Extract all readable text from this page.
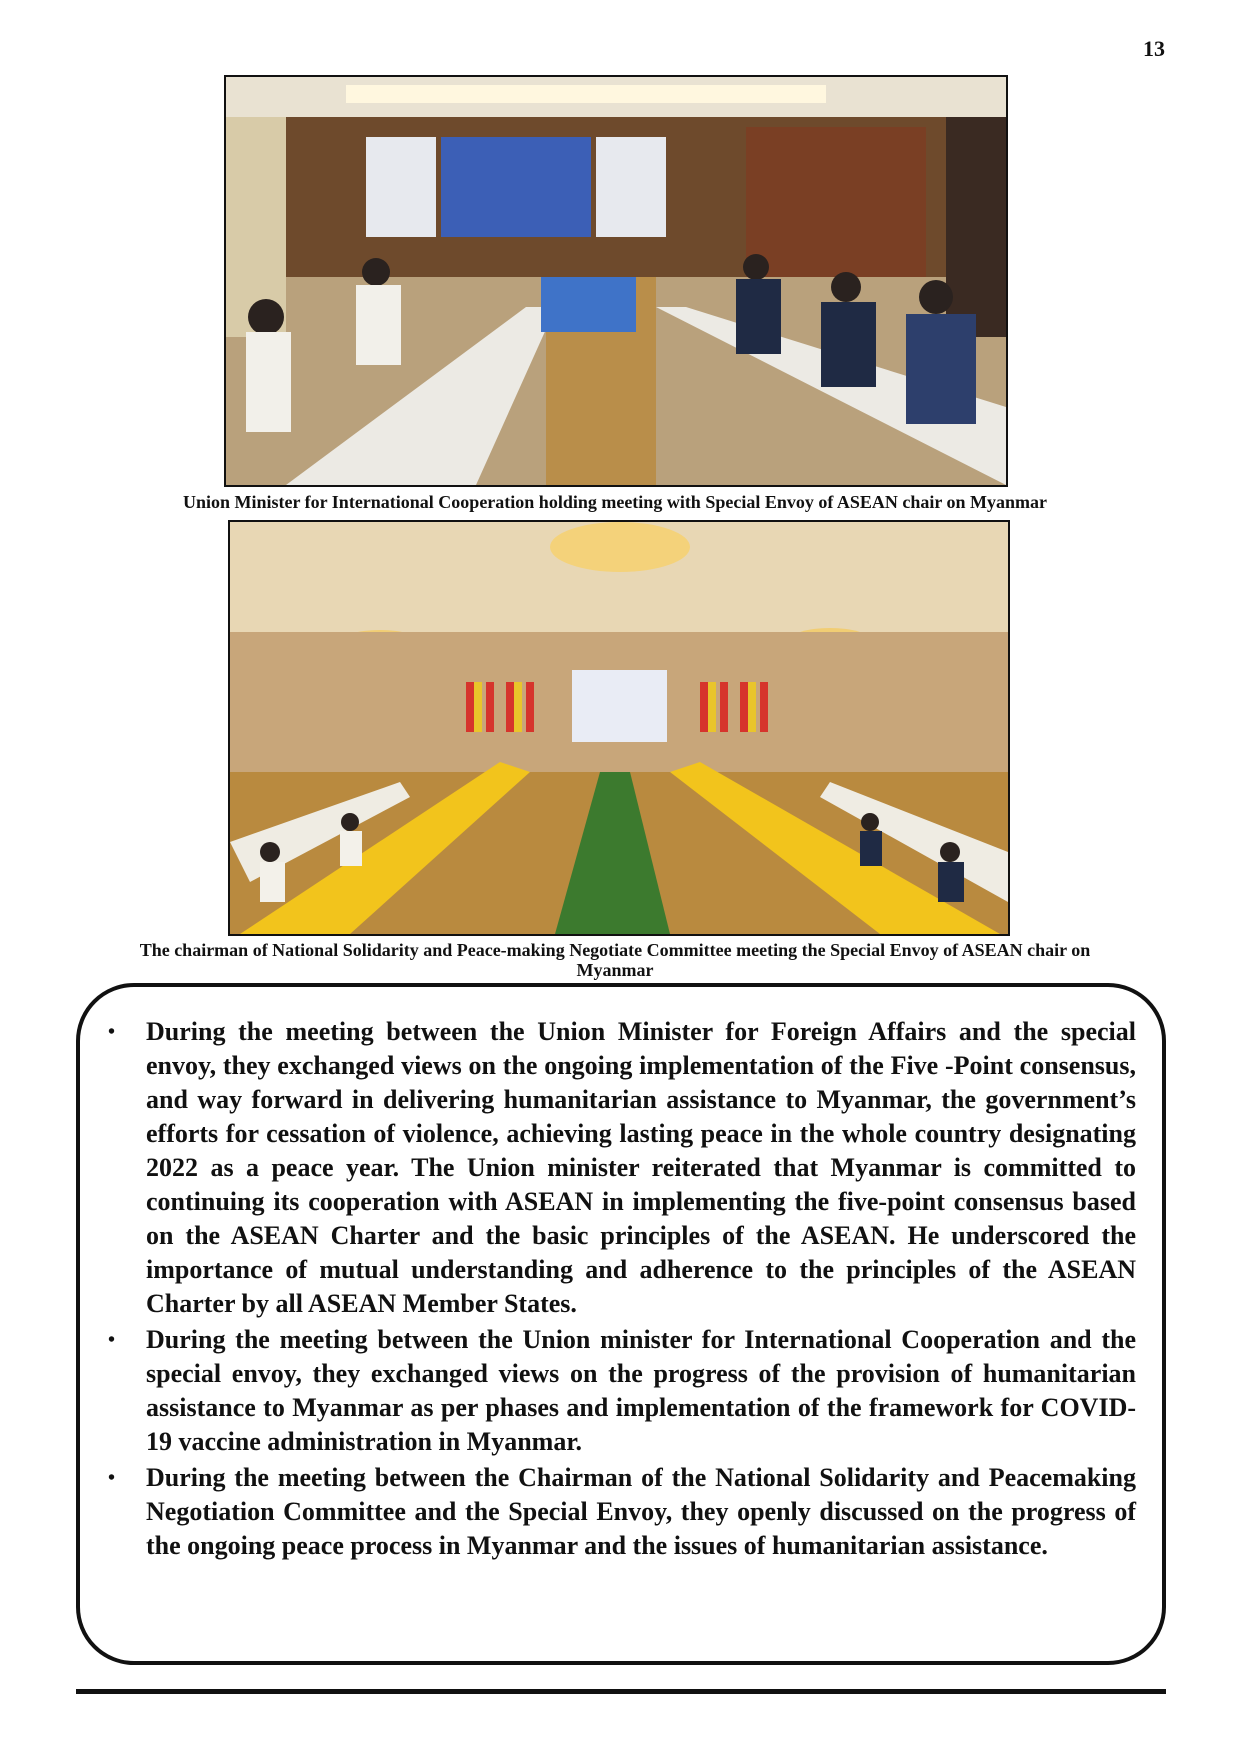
13
Union Minister for International Cooperation holding meeting with Special Envoy of ASEAN chair on Myanmar
The chairman of National Solidarity and Peace-making Negotiate Committee meeting the Special Envoy of ASEAN chair on Myanmar
• During the meeting between the Union Minister for Foreign Affairs and the special envoy, they exchanged views on the ongoing implementation of the Five -Point consensus, and way forward in delivering humanitarian assistance to Myanmar, the government’s efforts for cessation of violence, achieving lasting peace in the whole country designating 2022 as a peace year. The Union minister reiterated that Myanmar is committed to continuing its cooperation with ASEAN in implementing the five-point consensus based on the ASEAN Charter and the basic principles of the ASEAN. He underscored the importance of mutual understanding and adherence to the principles of the ASEAN Charter by all ASEAN Member States.
• During the meeting between the Union minister for International Cooperation and the special envoy, they exchanged views on the progress of the provision of humanitarian assistance to Myanmar as per phases and implementation of the framework for COVID-19 vaccine administration in Myanmar.
• During the meeting between the Chairman of the National Solidarity and Peacemaking Negotiation Committee and the Special Envoy, they openly discussed on the progress of the ongoing peace process in Myanmar and the issues of humanitarian assistance.
